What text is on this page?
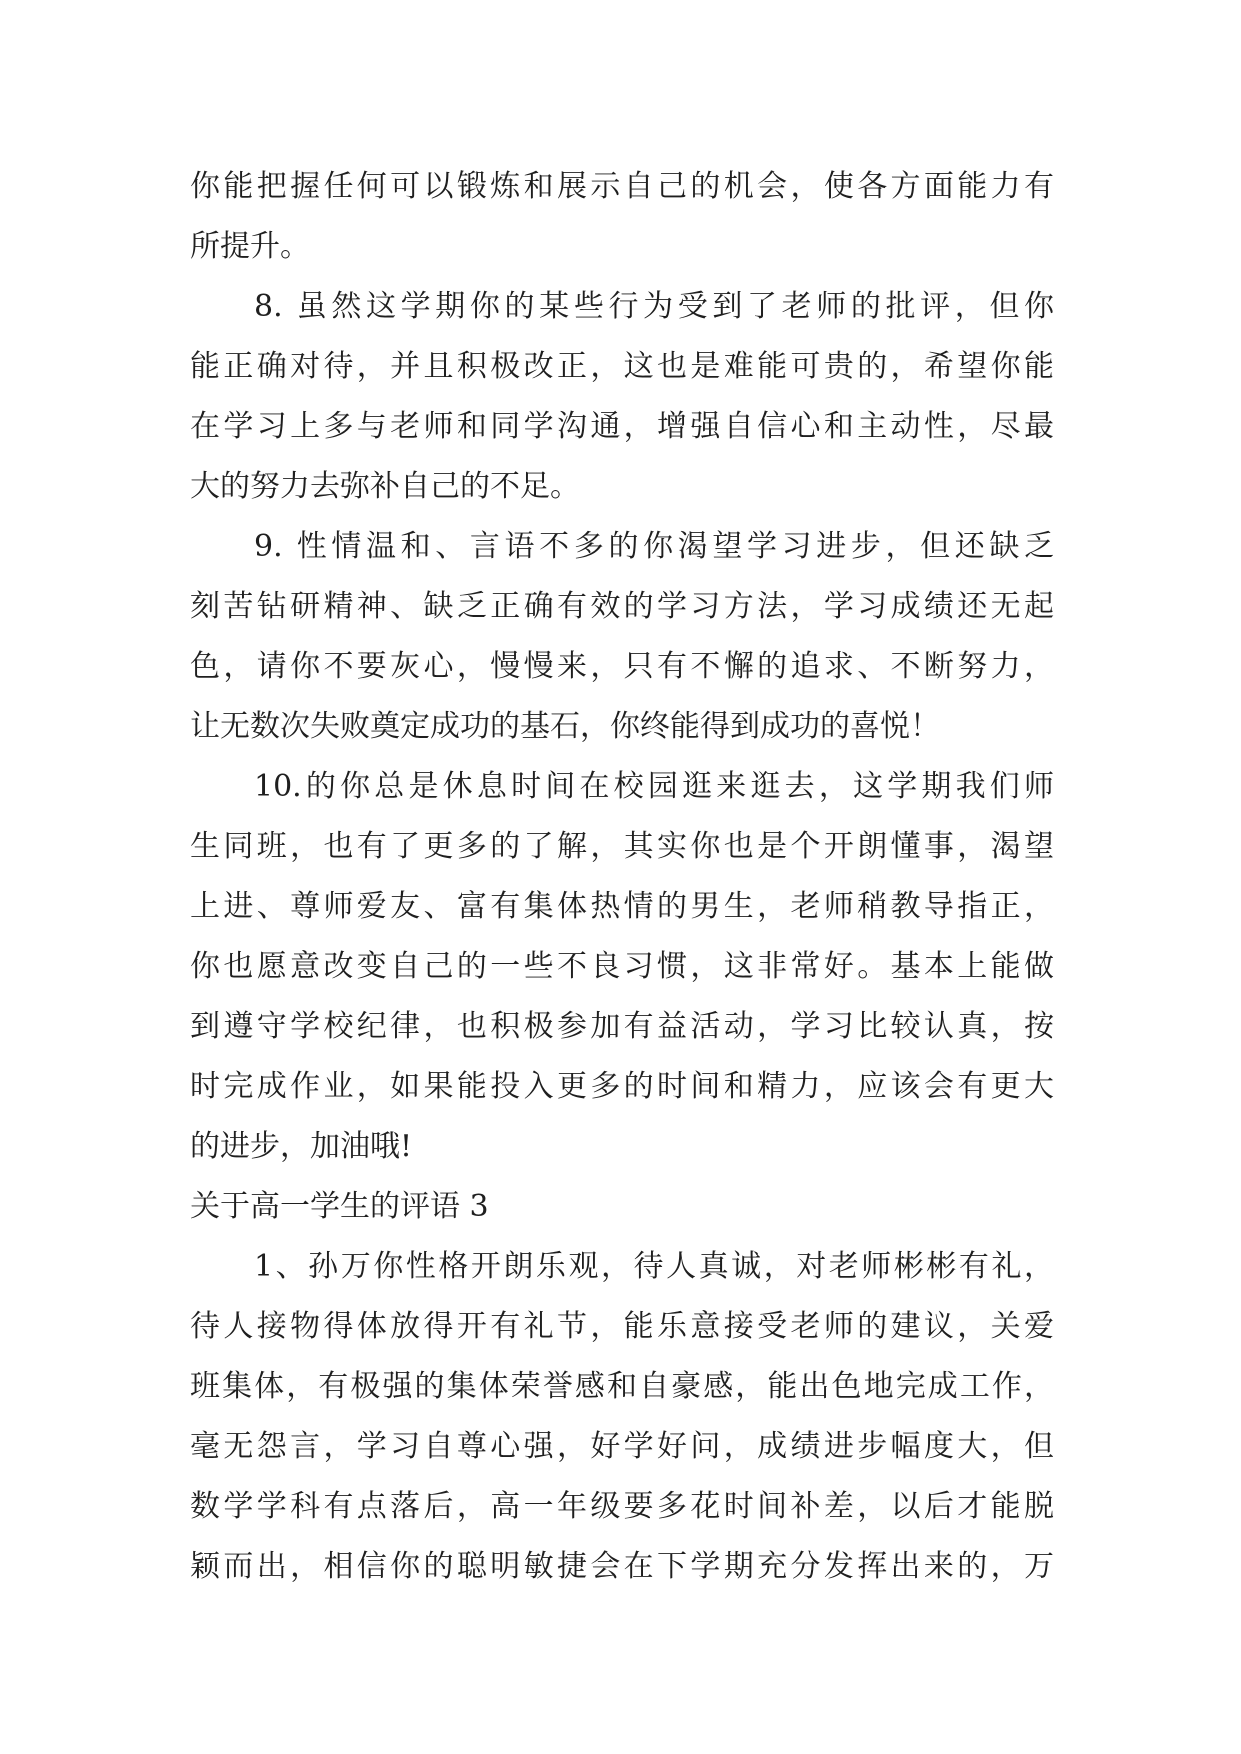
你能把握任何可以锻炼和展示自己的机会，使各方面能力有

所提升。

8. 虽然这学期你的某些行为受到了老师的批评，但你

能正确对待，并且积极改正，这也是难能可贵的，希望你能

在学习上多与老师和同学沟通，增强自信心和主动性，尽最

大的努力去弥补自己的不足。

9. 性情温和、言语不多的你渴望学习进步，但还缺乏

刻苦钻研精神、缺乏正确有效的学习方法，学习成绩还无起

色，请你不要灰心，慢慢来，只有不懈的追求、不断努力，

让无数次失败奠定成功的基石，你终能得到成功的喜悦！

10.的你总是休息时间在校园逛来逛去，这学期我们师

生同班，也有了更多的了解，其实你也是个开朗懂事，渴望

上进、尊师爱友、富有集体热情的男生，老师稍教导指正，

你也愿意改变自己的一些不良习惯，这非常好。基本上能做

到遵守学校纪律，也积极参加有益活动，学习比较认真，按

时完成作业，如果能投入更多的时间和精力，应该会有更大

的进步，加油哦!

关于高一学生的评语 3

1、孙万你性格开朗乐观，待人真诚，对老师彬彬有礼，

待人接物得体放得开有礼节，能乐意接受老师的建议，关爱

班集体，有极强的集体荣誉感和自豪感，能出色地完成工作，

毫无怨言，学习自尊心强，好学好问，成绩进步幅度大，但

数学学科有点落后，高一年级要多花时间补差，以后才能脱

颖而出，相信你的聪明敏捷会在下学期充分发挥出来的，万
